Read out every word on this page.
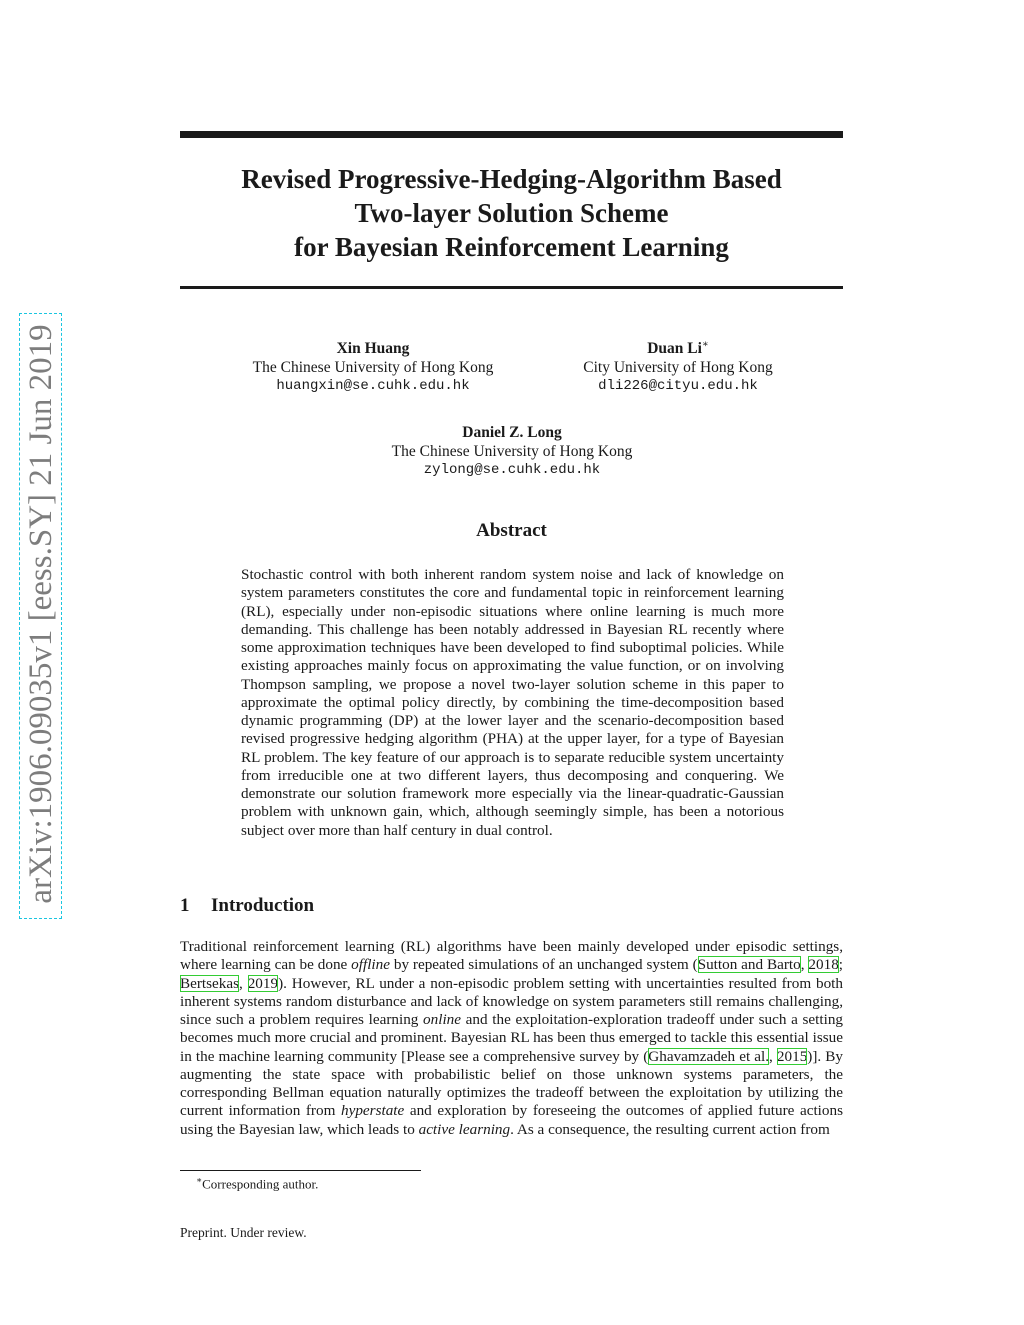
arXiv:1906.09035v1 [eess.SY] 21 Jun 2019
Revised Progressive-Hedging-Algorithm Based
Two-layer Solution Scheme
for Bayesian Reinforcement Learning
Xin Huang
The Chinese University of Hong Kong
huangxin@se.cuhk.edu.hk
Duan Li∗
City University of Hong Kong
dli226@cityu.edu.hk
Daniel Z. Long
The Chinese University of Hong Kong
zylong@se.cuhk.edu.hk
Abstract

Stochastic control with both inherent random system noise and lack of knowledge on system parameters constitutes the core and fundamental topic in reinforcement learning (RL), especially under non-episodic situations where online learning is much more demanding. This challenge has been notably addressed in Bayesian RL recently where some approximation techniques have been developed to find suboptimal policies. While existing approaches mainly focus on approximating the value function, or on involving Thompson sampling, we propose a novel two-layer solution scheme in this paper to approximate the optimal policy directly, by combining the time-decomposition based dynamic programming (DP) at the lower layer and the scenario-decomposition based revised progressive hedging algorithm (PHA) at the upper layer, for a type of Bayesian RL problem. The key feature of our approach is to separate reducible system uncertainty from irreducible one at two different layers, thus decomposing and conquering. We demonstrate our solution framework more especially via the linear-quadratic-Gaussian problem with unknown gain, which, although seemingly simple, has been a notorious subject over more than half century in dual control.

1 Introduction

Traditional reinforcement learning (RL) algorithms have been mainly developed under episodic settings, where learning can be done offline by repeated simulations of an unchanged system (Sutton and Barto, 2018; Bertsekas, 2019). However, RL under a non-episodic problem setting with uncertainties resulted from both inherent systems random disturbance and lack of knowledge on system parameters still remains challenging, since such a problem requires learning online and the exploitation-exploration tradeoff under such a setting becomes much more crucial and prominent. Bayesian RL has been thus emerged to tackle this essential issue in the machine learning community [Please see a comprehensive survey by (Ghavamzadeh et al., 2015)]. By augmenting the state space with probabilistic belief on those unknown systems parameters, the corresponding Bellman equation naturally optimizes the tradeoff between the exploitation by utilizing the current information from hyperstate and exploration by foreseeing the outcomes of applied future actions using the Bayesian law, which leads to active learning. As a consequence, the resulting current action from

∗Corresponding author.

Preprint. Under review.
